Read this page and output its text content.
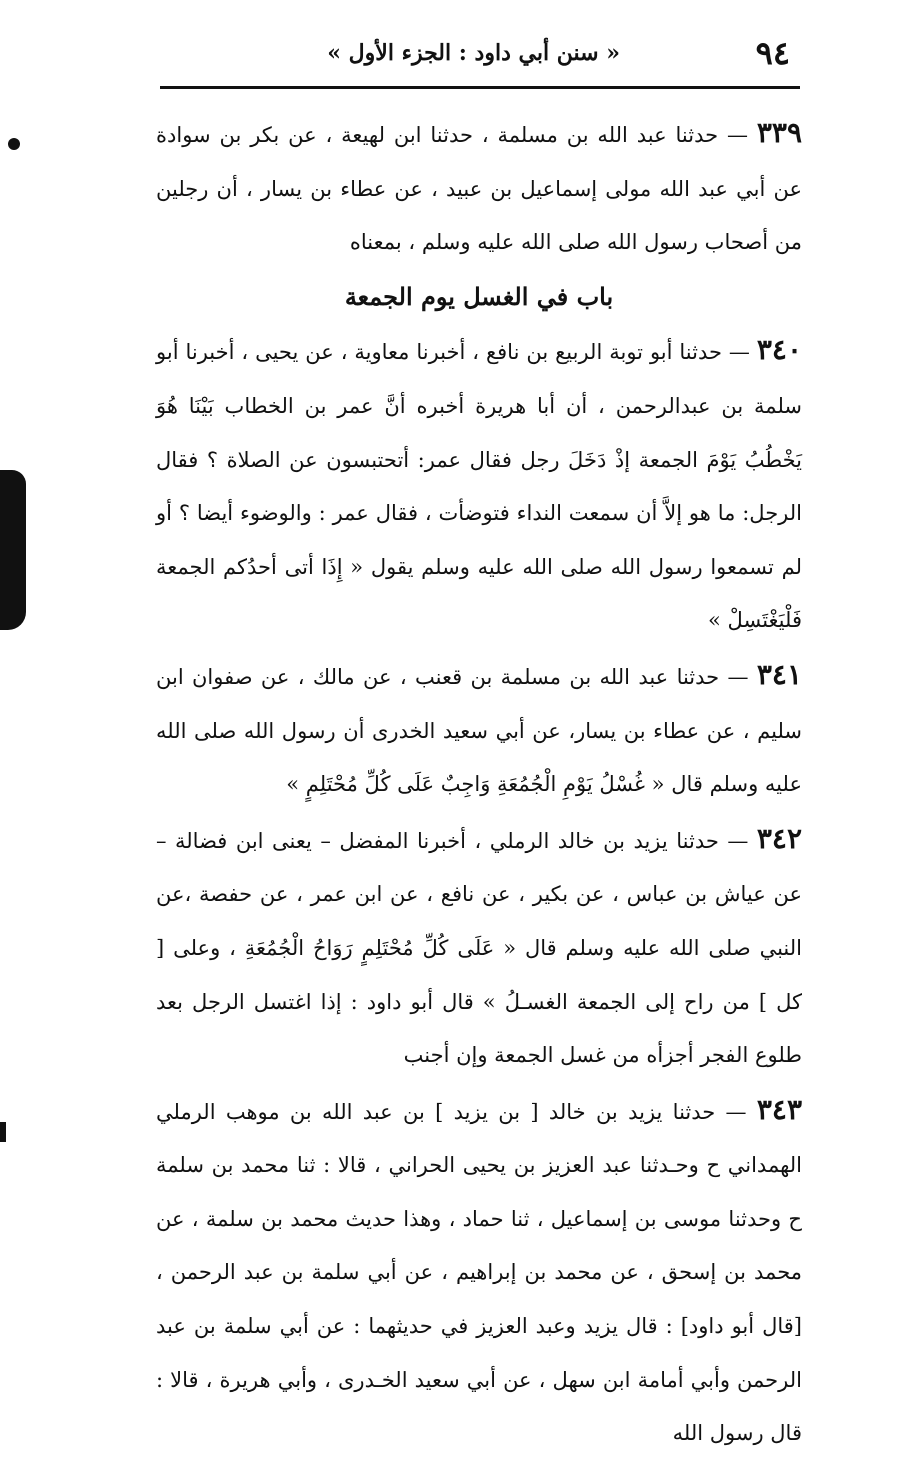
٩٤
« سنن أبي داود : الجزء الأول »

٣٣٩ — حدثنا عبد الله بن مسلمة ، حدثنا ابن لهيعة ، عن بكر بن سوادة عن أبي عبد الله مولى إسماعيل بن عبيد ، عن عطاء بن يسار ، أن رجلين من أصحاب رسول الله صلى الله عليه وسلم ، بمعناه

باب في الغسل يوم الجمعة

٣٤٠ — حدثنا أبو توبة الربيع بن نافع ، أخبرنا معاوية ، عن يحيى ، أخبرنا أبو سلمة بن عبدالرحمن ، أن أبا هريرة أخبره أنَّ عمر بن الخطاب بَيْنَا هُوَ يَخْطُبُ يَوْمَ الجمعة إذْ دَخَلَ رجل فقال عمر: أتحتبسون عن الصلاة ؟ فقال الرجل: ما هو إلاَّ أن سمعت النداء فتوضأت ، فقال عمر : والوضوء أيضا ؟ أو لم تسمعوا رسول الله صلى الله عليه وسلم يقول « إِذَا أتى أحدُكم الجمعة فَلْيَغْتَسِلْ »

٣٤١ — حدثنا عبد الله بن مسلمة بن قعنب ، عن مالك ، عن صفوان ابن سليم ، عن عطاء بن يسار، عن أبي سعيد الخدرى أن رسول الله صلى الله عليه وسلم قال « غُسْلُ يَوْمِ الْجُمُعَةِ وَاجِبٌ عَلَى كُلِّ مُحْتَلِمٍ »

٣٤٢ — حدثنا يزيد بن خالد الرملي ، أخبرنا المفضل – يعنى ابن فضالة – عن عياش بن عباس ، عن بكير ، عن نافع ، عن ابن عمر ، عن حفصة ،عن النبي صلى الله عليه وسلم قال « عَلَى كُلِّ مُحْتَلِمٍ رَوَاحُ الْجُمُعَةِ ، وعلى [ كل ] من راح إلى الجمعة الغسـلُ » قال أبو داود : إذا اغتسل الرجل بعد طلوع الفجر أجزأه من غسل الجمعة وإن أجنب

٣٤٣ — حدثنا يزيد بن خالد [ بن يزيد ] بن عبد الله بن موهب الرملي الهمداني ح وحـدثنا عبد العزيز بن يحيى الحراني ، قالا : ثنا محمد بن سلمة ح وحدثنا موسى بن إسماعيل ، ثنا حماد ، وهذا حديث محمد بن سلمة ، عن محمد بن إسحق ، عن محمد بن إبراهيم ، عن أبي سلمة بن عبد الرحمن ، [قال أبو داود] : قال يزيد وعبد العزيز في حديثهما : عن أبي سلمة بن عبد الرحمن وأبي أمامة ابن سهل ، عن أبي سعيد الخـدرى ، وأبي هريرة ، قالا : قال رسول الله
